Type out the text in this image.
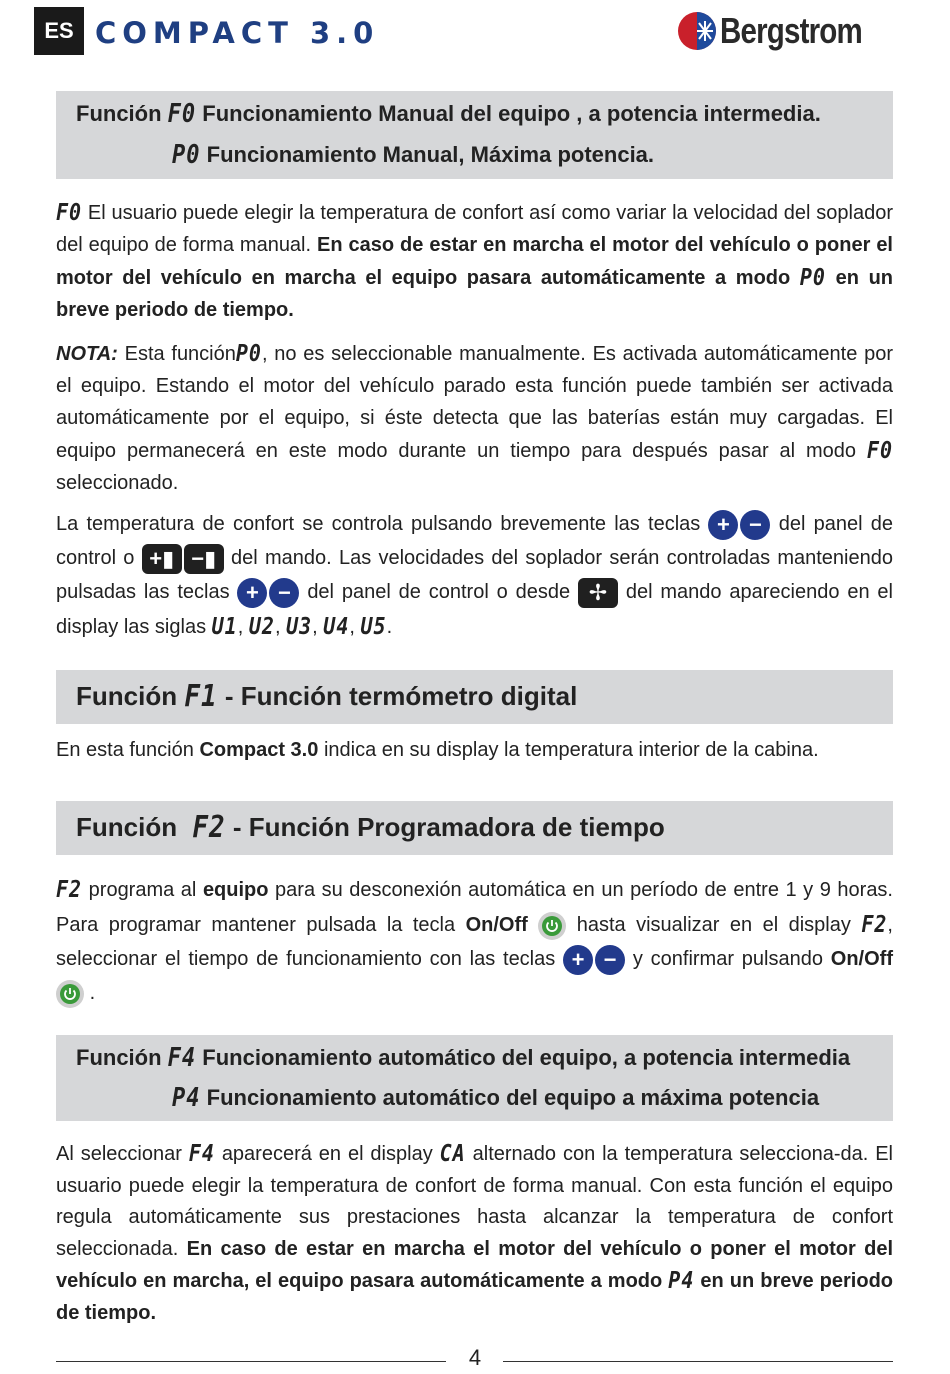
ES COMPACT 3.0	Bergstrom
Función F0 Funcionamiento Manual del equipo , a potencia intermedia.
P0 Funcionamiento Manual, Máxima potencia.
F0 El usuario puede elegir la temperatura de confort así como variar la velocidad del soplador del equipo de forma manual. En caso de estar en marcha el motor del vehículo o poner el motor del vehículo en marcha el equipo pasara automáticamente a modo P0 en un breve periodo de tiempo.
NOTA: Esta funciónP0, no es seleccionable manualmente. Es activada automáticamente por el equipo. Estando el motor del vehículo parado esta función puede también ser activada automáticamente por el equipo, si éste detecta que las baterías están muy cargadas. El equipo permanecerá en este modo durante un tiempo para después pasar al modo F0 seleccionado.
La temperatura de confort se controla pulsando brevemente las teclas + − del panel de control o +▮ −▮ del mando. Las velocidades del soplador serán controladas manteniendo pulsadas las teclas + − del panel de control o desde ✢ del mando apareciendo en el display las siglas U1, U2, U3, U4, U5.
Función F1 - Función termómetro digital
En esta función Compact 3.0 indica en su display la temperatura interior de la cabina.
Función F2 - Función Programadora de tiempo
F2 programa al equipo para su desconexión automática en un período de entre 1 y 9 horas. Para programar mantener pulsada la tecla On/Off hasta visualizar en el display F2, seleccionar el tiempo de funcionamiento con las teclas + − y confirmar pulsando On/Off
.
Función F4 Funcionamiento automático del equipo, a potencia intermedia
P4 Funcionamiento automático del equipo a máxima potencia
Al seleccionar F4 aparecerá en el display CA alternado con la temperatura selecciona-da. El usuario puede elegir la temperatura de confort de forma manual. Con esta función el equipo regula automáticamente sus prestaciones hasta alcanzar la temperatura de confort seleccionada. En caso de estar en marcha el motor del vehículo o poner el motor del vehículo en marcha, el equipo pasara automáticamente a modo P4 en un breve periodo de tiempo.
4
